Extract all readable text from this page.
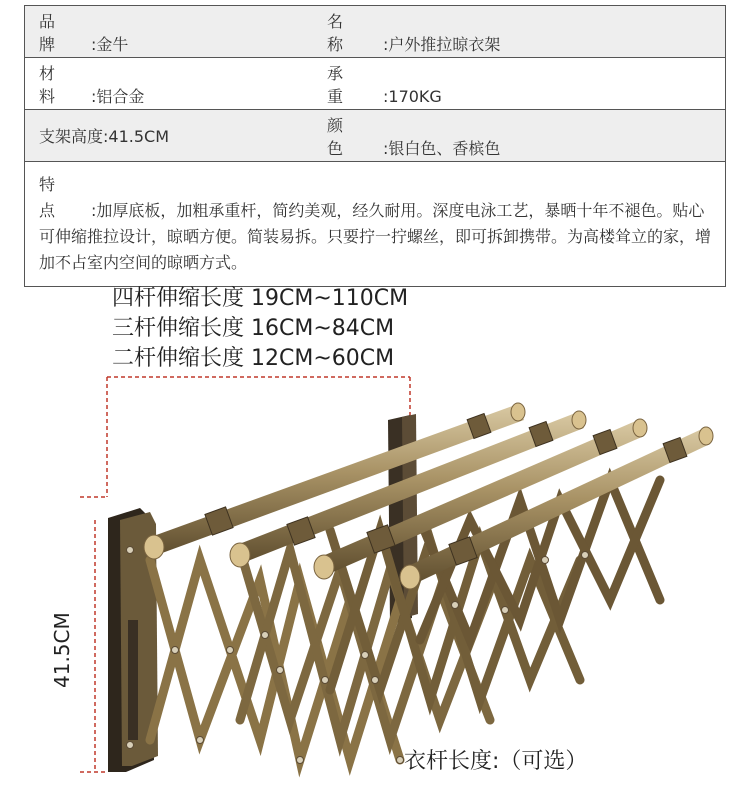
品　　牌 :金牛	名　　称 :户外推拉晾衣架
材　　料 :铝合金	承　　重 :170KG
支架高度:41.5CM	颜　　色 :银白色、香槟色
特　　点 :加厚底板，加粗承重杆，简约美观，经久耐用。深度电泳工艺，暴晒十年不褪色。贴心可伸缩推拉设计，晾晒方便。简装易拆。只要拧一拧螺丝，即可拆卸携带。为高楼耸立的家，增加不占室内空间的晾晒方式。	
四杆伸缩长度 19CM~110CM
三杆伸缩长度 16CM~84CM
二杆伸缩长度 12CM~60CM
41.5CM
衣杆长度:（可选）
